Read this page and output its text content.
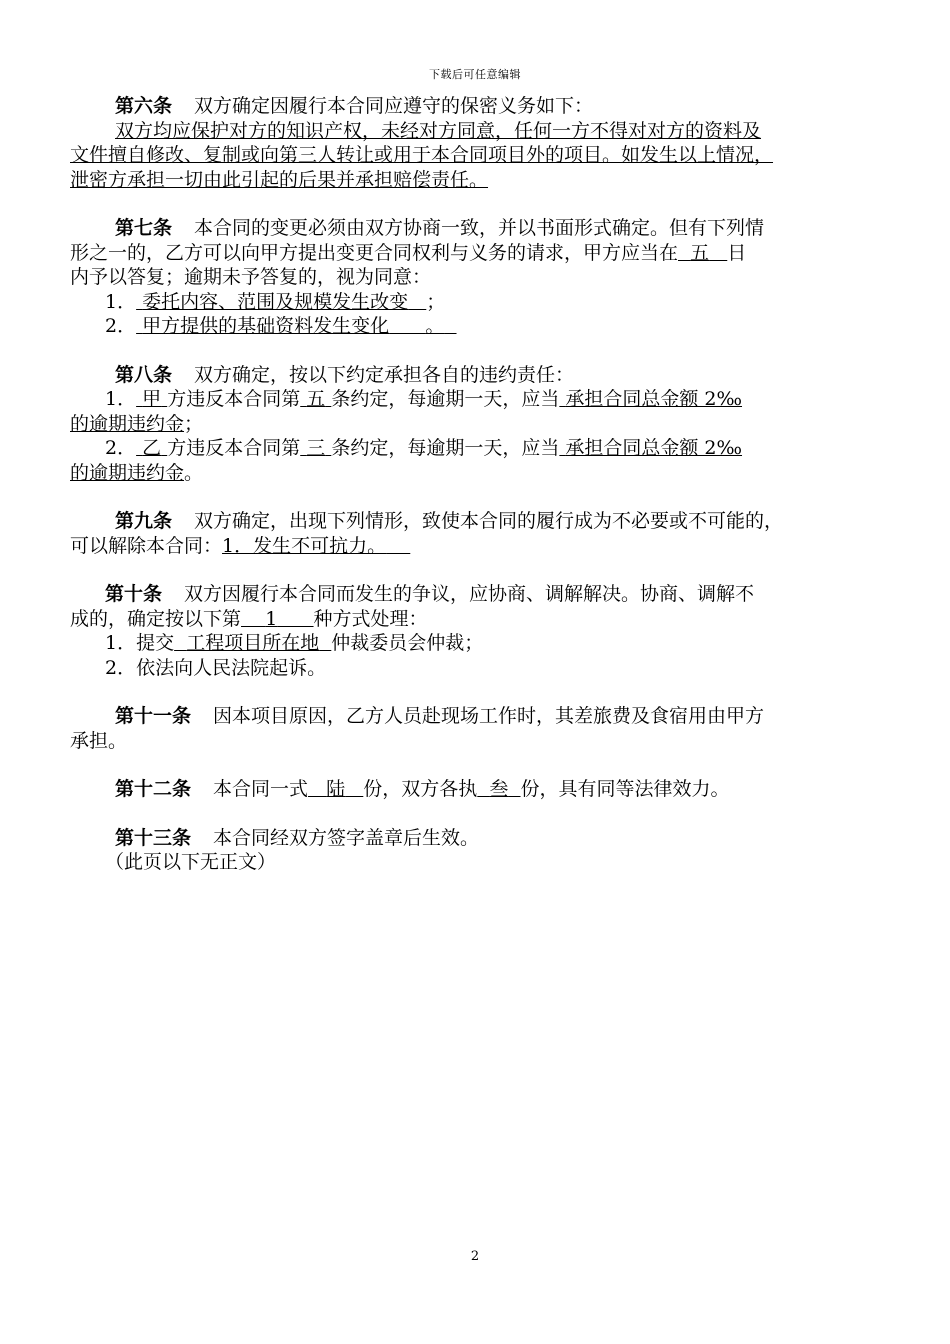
下载后可任意编辑

第六条 双方确定因履行本合同应遵守的保密义务如下：

双方均应保护对方的知识产权，未经对方同意，任何一方不得对对方的资料及

文件擅自修改、复制或向第三人转让或用于本合同项目外的项目。如发生以上情况，

泄密方承担一切由此引起的后果并承担赔偿责任。

第七条 本合同的变更必须由双方协商一致，并以书面形式确定。但有下列情

形之一的，乙方可以向甲方提出变更合同权利与义务的请求，甲方应当在 五 日

内予以答复；逾期未予答复的，视为同意：

1． 委托内容、范围及规模发生改变 ；

2． 甲方提供的基础资料发生变化 。

第八条 双方确定，按以下约定承担各自的违约责任：

1． 甲 方违反本合同第 五 条约定，每逾期一天，应当 承担合同总金额 2‰

的逾期违约金；

2． 乙 方违反本合同第 三 条约定，每逾期一天，应当 承担合同总金额 2‰

的逾期违约金。

第九条 双方确定，出现下列情形，致使本合同的履行成为不必要或不可能的，

可以解除本合同：1．发生不可抗力。

第十条 双方因履行本合同而发生的争议，应协商、调解解决。协商、调解不

成的，确定按以下第 1 种方式处理：

1．提交 工程项目所在地 仲裁委员会仲裁；

2．依法向人民法院起诉。

第十一条 因本项目原因，乙方人员赴现场工作时，其差旅费及食宿用由甲方

承担。

第十二条 本合同一式 陆 份，双方各执 叁 份，具有同等法律效力。

第十三条 本合同经双方签字盖章后生效。

（此页以下无正文）

2
